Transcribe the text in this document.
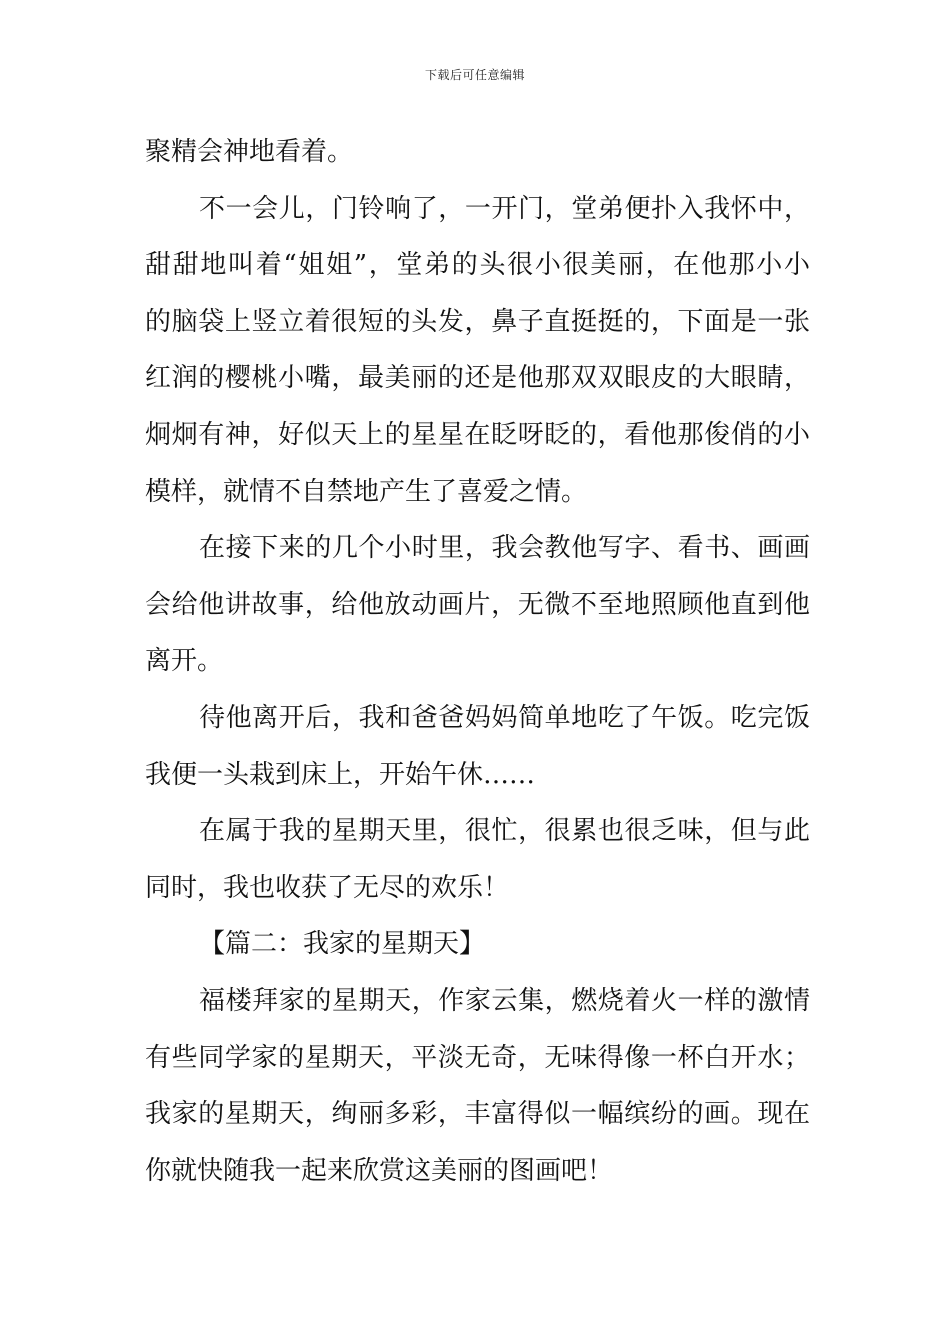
下载后可任意编辑
聚精会神地看着。
不一会儿，门铃响了，一开门，堂弟便扑入我怀中，
甜甜地叫着“姐姐”，堂弟的头很小很美丽，在他那小小
的脑袋上竖立着很短的头发，鼻子直挺挺的，下面是一张
红润的樱桃小嘴，最美丽的还是他那双双眼皮的大眼睛，
炯炯有神，好似天上的星星在眨呀眨的，看他那俊俏的小
模样，就情不自禁地产生了喜爱之情。
在接下来的几个小时里，我会教他写字、看书、画画
会给他讲故事，给他放动画片，无微不至地照顾他直到他
离开。
待他离开后，我和爸爸妈妈简单地吃了午饭。吃完饭
我便一头栽到床上，开始午休……
在属于我的星期天里，很忙，很累也很乏味，但与此
同时，我也收获了无尽的欢乐！
【篇二：我家的星期天】
福楼拜家的星期天，作家云集，燃烧着火一样的激情
有些同学家的星期天，平淡无奇，无味得像一杯白开水；
我家的星期天，绚丽多彩，丰富得似一幅缤纷的画。现在
你就快随我一起来欣赏这美丽的图画吧！
